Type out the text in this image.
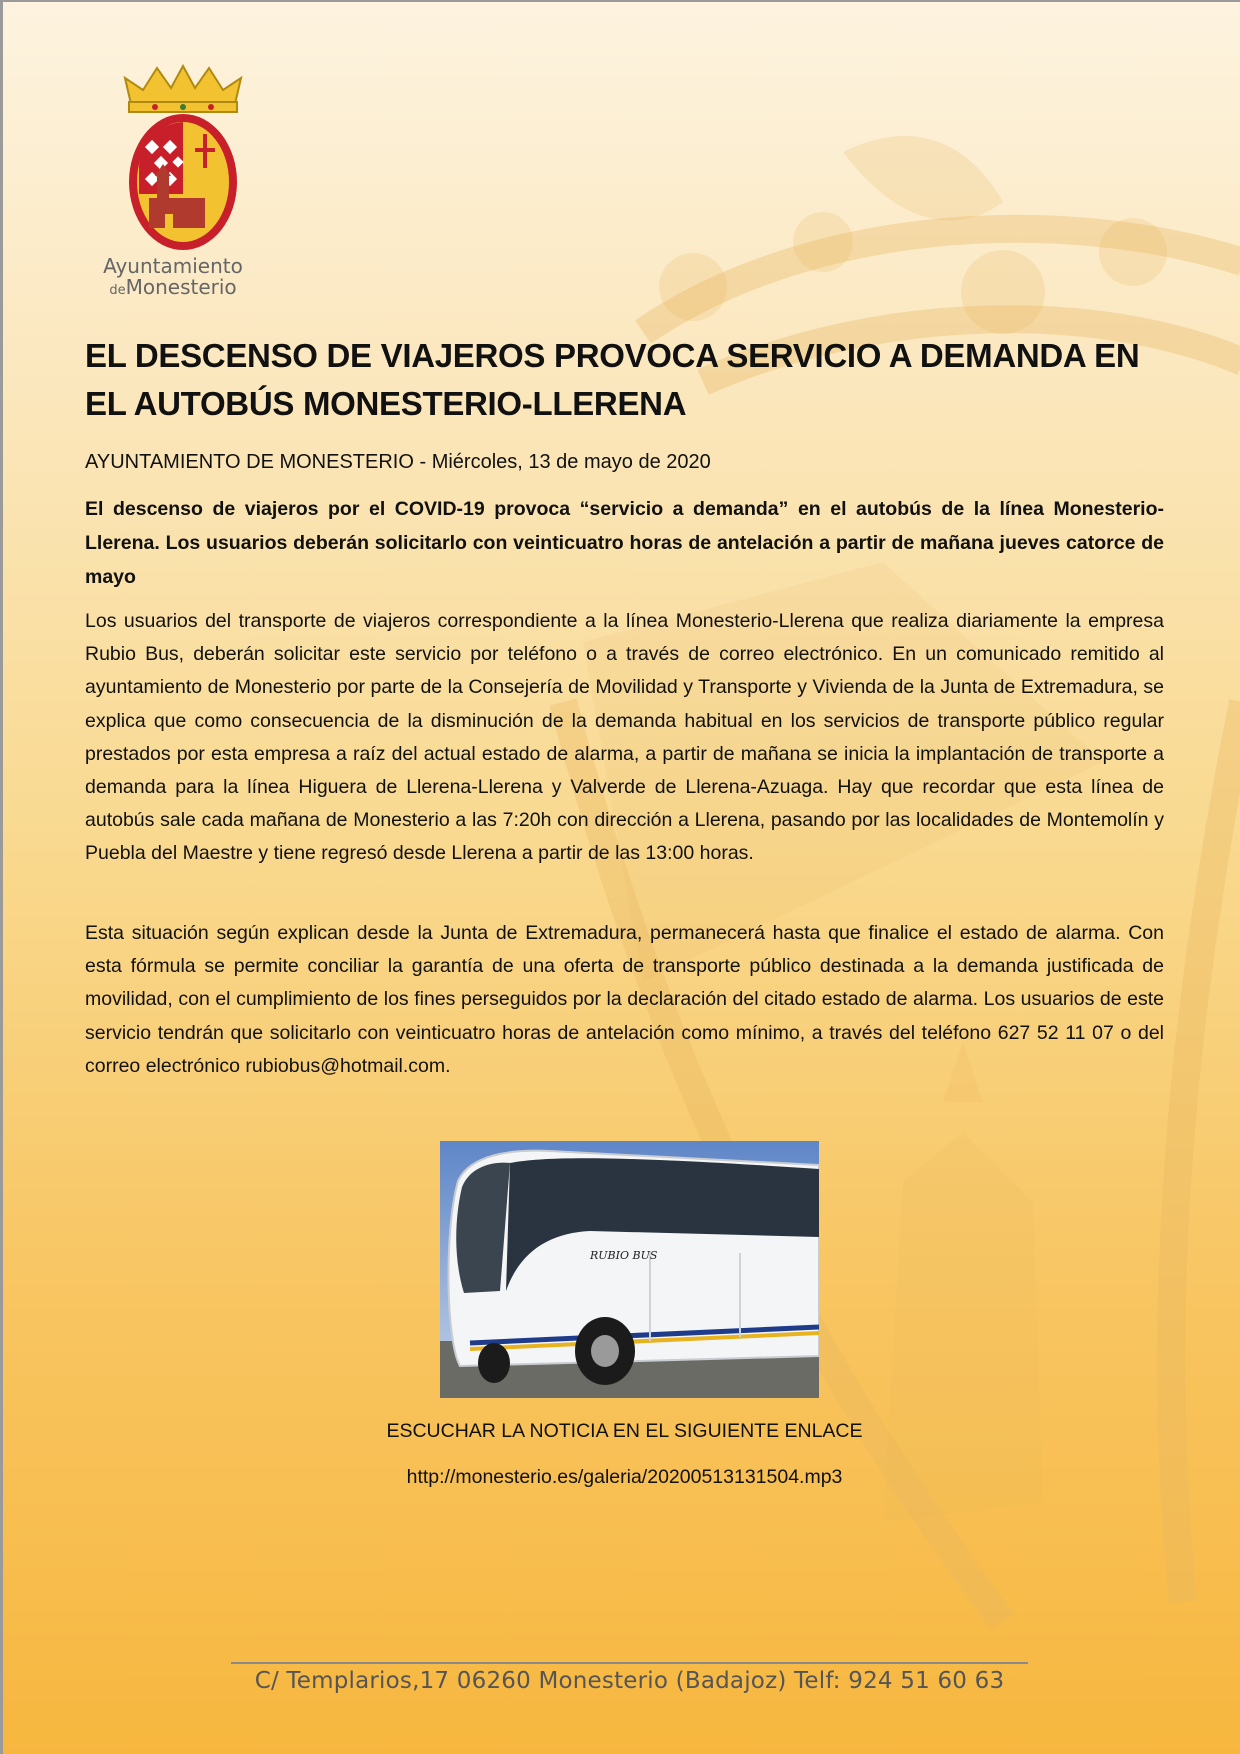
Ayuntamiento
deMonesterio
EL DESCENSO DE VIAJEROS PROVOCA SERVICIO A DEMANDA EN EL AUTOBÚS MONESTERIO-LLERENA
AYUNTAMIENTO DE MONESTERIO - Miércoles, 13 de mayo de 2020
El descenso de viajeros por el COVID-19 provoca “servicio a demanda” en el autobús de la línea Monesterio-Llerena. Los usuarios deberán solicitarlo con veinticuatro horas de antelación a partir de mañana jueves catorce de mayo
Los usuarios del transporte de viajeros correspondiente a la línea Monesterio-Llerena que realiza diariamente la empresa Rubio Bus, deberán solicitar este servicio por teléfono o a través de correo electrónico. En un comunicado remitido al ayuntamiento de Monesterio por parte de la Consejería de Movilidad y Transporte y Vivienda de la Junta de Extremadura, se explica que como consecuencia de la disminución de la demanda habitual en los servicios de transporte público regular prestados por esta empresa a raíz del actual estado de alarma, a partir de mañana se inicia la implantación de transporte a demanda para la línea Higuera de Llerena-Llerena y Valverde de Llerena-Azuaga. Hay que recordar que esta línea de autobús sale cada mañana de Monesterio a las 7:20h con dirección a Llerena, pasando por las localidades de Montemolín y Puebla del Maestre y tiene regresó desde Llerena a partir de las 13:00 horas.
Esta situación según explican desde la Junta de Extremadura, permanecerá hasta que finalice el estado de alarma. Con esta fórmula se permite conciliar la garantía de una oferta de transporte público destinada a la demanda justificada de movilidad, con el cumplimiento de los fines perseguidos por la declaración del citado estado de alarma. Los usuarios de este servicio tendrán que solicitarlo con veinticuatro horas de antelación como mínimo, a través del teléfono 627 52 11 07 o del correo electrónico rubiobus@hotmail.com.
RUBIO BUS
ESCUCHAR LA NOTICIA EN EL SIGUIENTE ENLACE
http://monesterio.es/galeria/20200513131504.mp3
C/ Templarios,17 06260 Monesterio (Badajoz) Telf: 924 51 60 63
